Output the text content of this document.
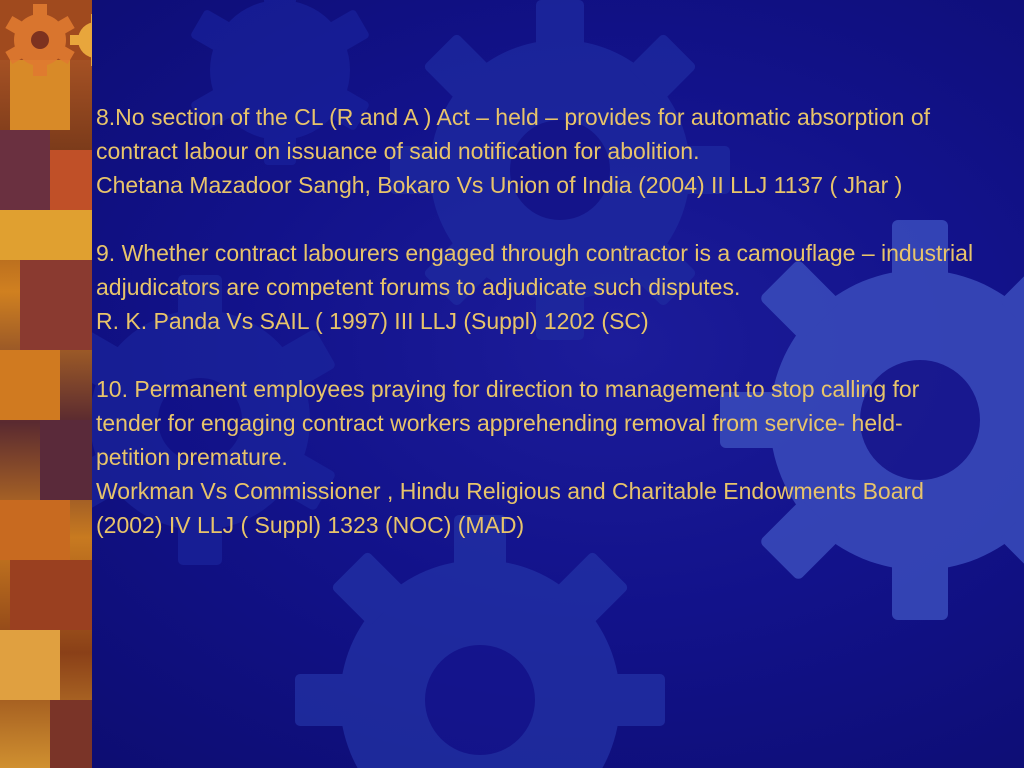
8.No section of the CL (R and A ) Act – held – provides for automatic absorption of contract labour on issuance of said notification for abolition.

Chetana Mazadoor Sangh, Bokaro Vs Union of India (2004) II LLJ 1137 ( Jhar )

9. Whether contract labourers engaged through contractor is a camouflage – industrial adjudicators are competent forums to adjudicate such disputes.

R. K. Panda Vs SAIL ( 1997) III LLJ (Suppl) 1202 (SC)

10. Permanent employees praying for direction to management to stop calling for tender for engaging contract workers apprehending removal from service- held- petition premature.

Workman Vs Commissioner , Hindu Religious and Charitable Endowments Board (2002) IV LLJ ( Suppl) 1323 (NOC) (MAD)
